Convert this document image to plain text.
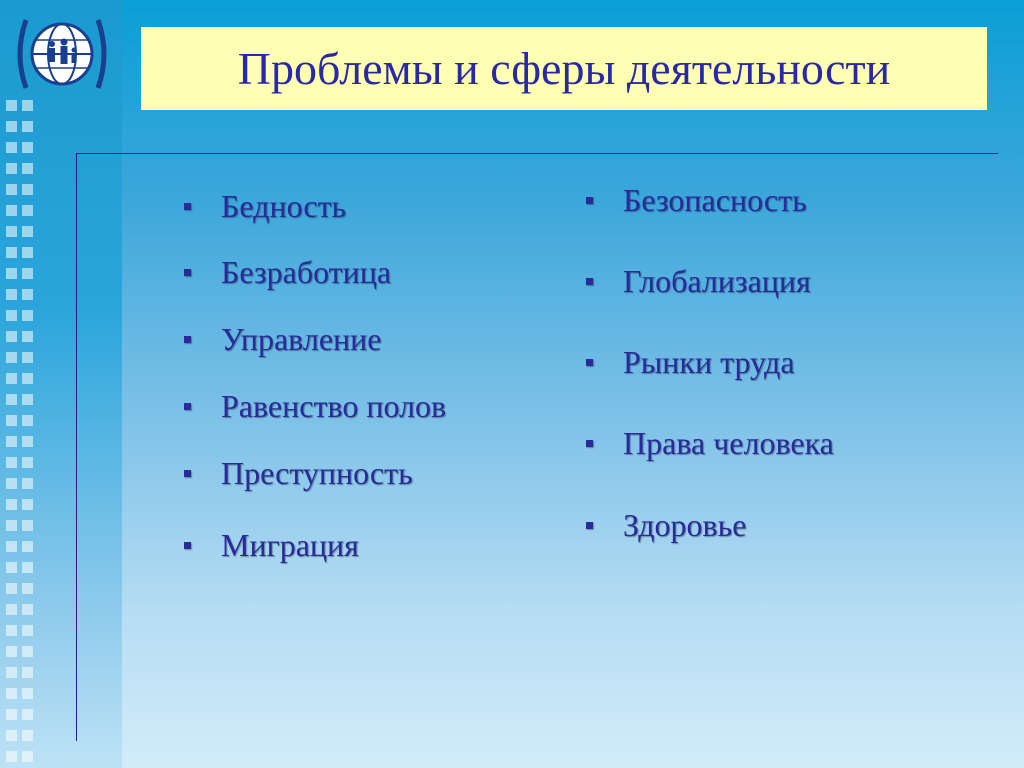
Проблемы и сферы деятельности
Бедность
Безработица
Управление
Равенство полов
Преступность
Миграция
Безопасность
Глобализация
Рынки труда
Права человека
Здоровье
